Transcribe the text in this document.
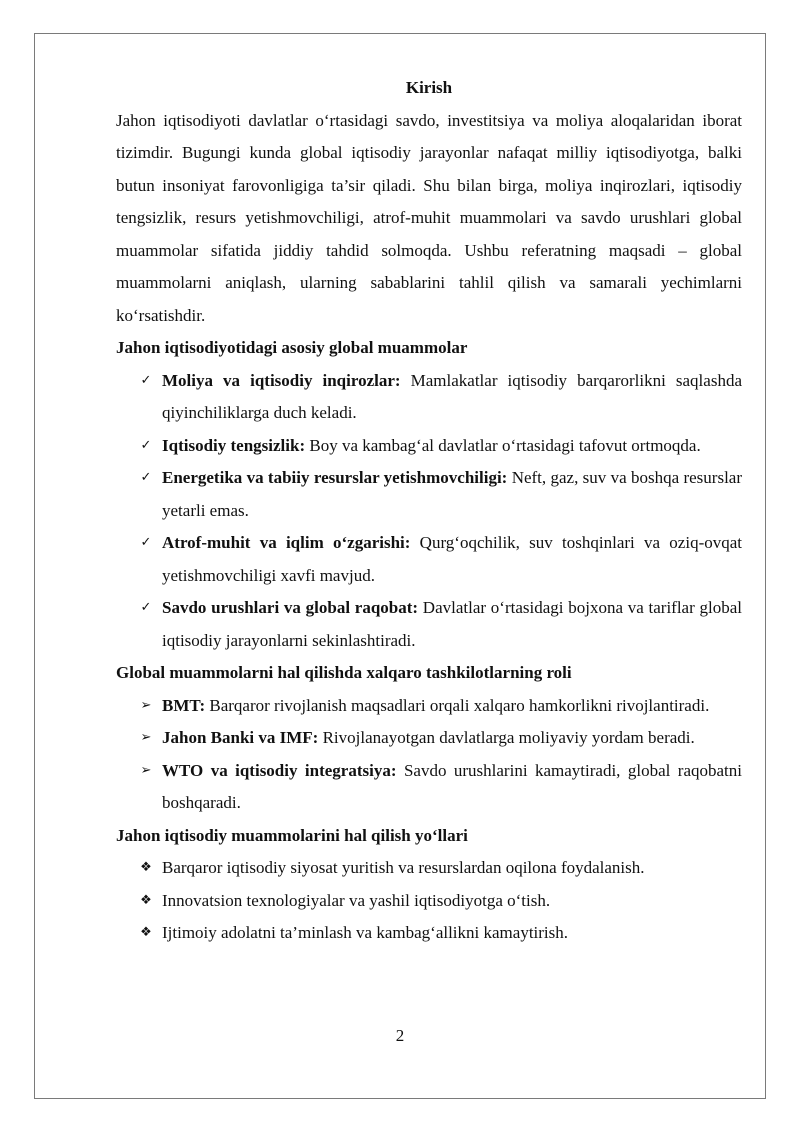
Kirish

Jahon iqtisodiyoti davlatlar o‘rtasidagi savdo, investitsiya va moliya aloqalaridan iborat tizimdir. Bugungi kunda global iqtisodiy jarayonlar nafaqat milliy iqtisodiyotga, balki butun insoniyat farovonligiga ta’sir qiladi. Shu bilan birga, moliya inqirozlari, iqtisodiy tengsizlik, resurs yetishmovchiligi, atrof-muhit muammolari va savdo urushlari global muammolar sifatida jiddiy tahdid solmoqda. Ushbu referatning maqsadi – global muammolarni aniqlash, ularning sabablarini tahlil qilish va samarali yechimlarni ko‘rsatishdir.

Jahon iqtisodiyotidagi asosiy global muammolar
✓ Moliya va iqtisodiy inqirozlar: Mamlakatlar iqtisodiy barqarorlikni saqlashda qiyinchiliklarga duch keladi.
✓ Iqtisodiy tengsizlik: Boy va kambag‘al davlatlar o‘rtasidagi tafovut ortmoqda.
✓ Energetika va tabiiy resurslar yetishmovchiligi: Neft, gaz, suv va boshqa resurslar yetarli emas.
✓ Atrof-muhit va iqlim o‘zgarishi: Qurg‘oqchilik, suv toshqinlari va oziq-ovqat yetishmovchiligi xavfi mavjud.
✓ Savdo urushlari va global raqobat: Davlatlar o‘rtasidagi bojxona va tariflar global iqtisodiy jarayonlarni sekinlashtiradi.
Global muammolarni hal qilishda xalqaro tashkilotlarning roli
➢ BMT: Barqaror rivojlanish maqsadlari orqali xalqaro hamkorlikni rivojlantiradi.
➢ Jahon Banki va IMF: Rivojlanayotgan davlatlarga moliyaviy yordam beradi.
➢ WTO va iqtisodiy integratsiya: Savdo urushlarini kamaytiradi, global raqobatni boshqaradi.
Jahon iqtisodiy muammolarini hal qilish yo‘llari
❖ Barqaror iqtisodiy siyosat yuritish va resurslardan oqilona foydalanish.
❖ Innovatsion texnologiyalar va yashil iqtisodiyotga o‘tish.
❖ Ijtimoiy adolatni ta’minlash va kambag‘allikni kamaytirish.
2
